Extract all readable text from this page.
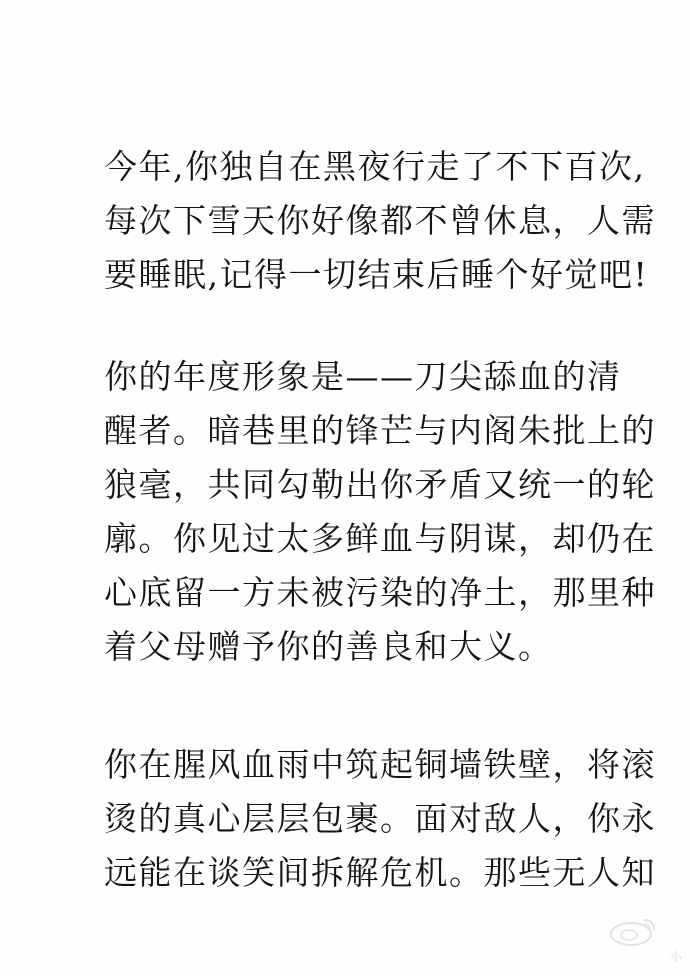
今年,你独自在黑夜行走了不下百次,
每次下雪天你好像都不曾休息，人需
要睡眠,记得一切结束后睡个好觉吧!

你的年度形象是——刀尖舔血的清
醒者。暗巷里的锋芒与内阁朱批上的
狼毫，共同勾勒出你矛盾又统一的轮
廓。你见过太多鲜血与阴谋，却仍在
心底留一方未被污染的净土，那里种
着父母赠予你的善良和大义。

你在腥风血雨中筑起铜墙铁壁，将滚
烫的真心层层包裹。面对敌人，你永
远能在谈笑间拆解危机。那些无人知

小
